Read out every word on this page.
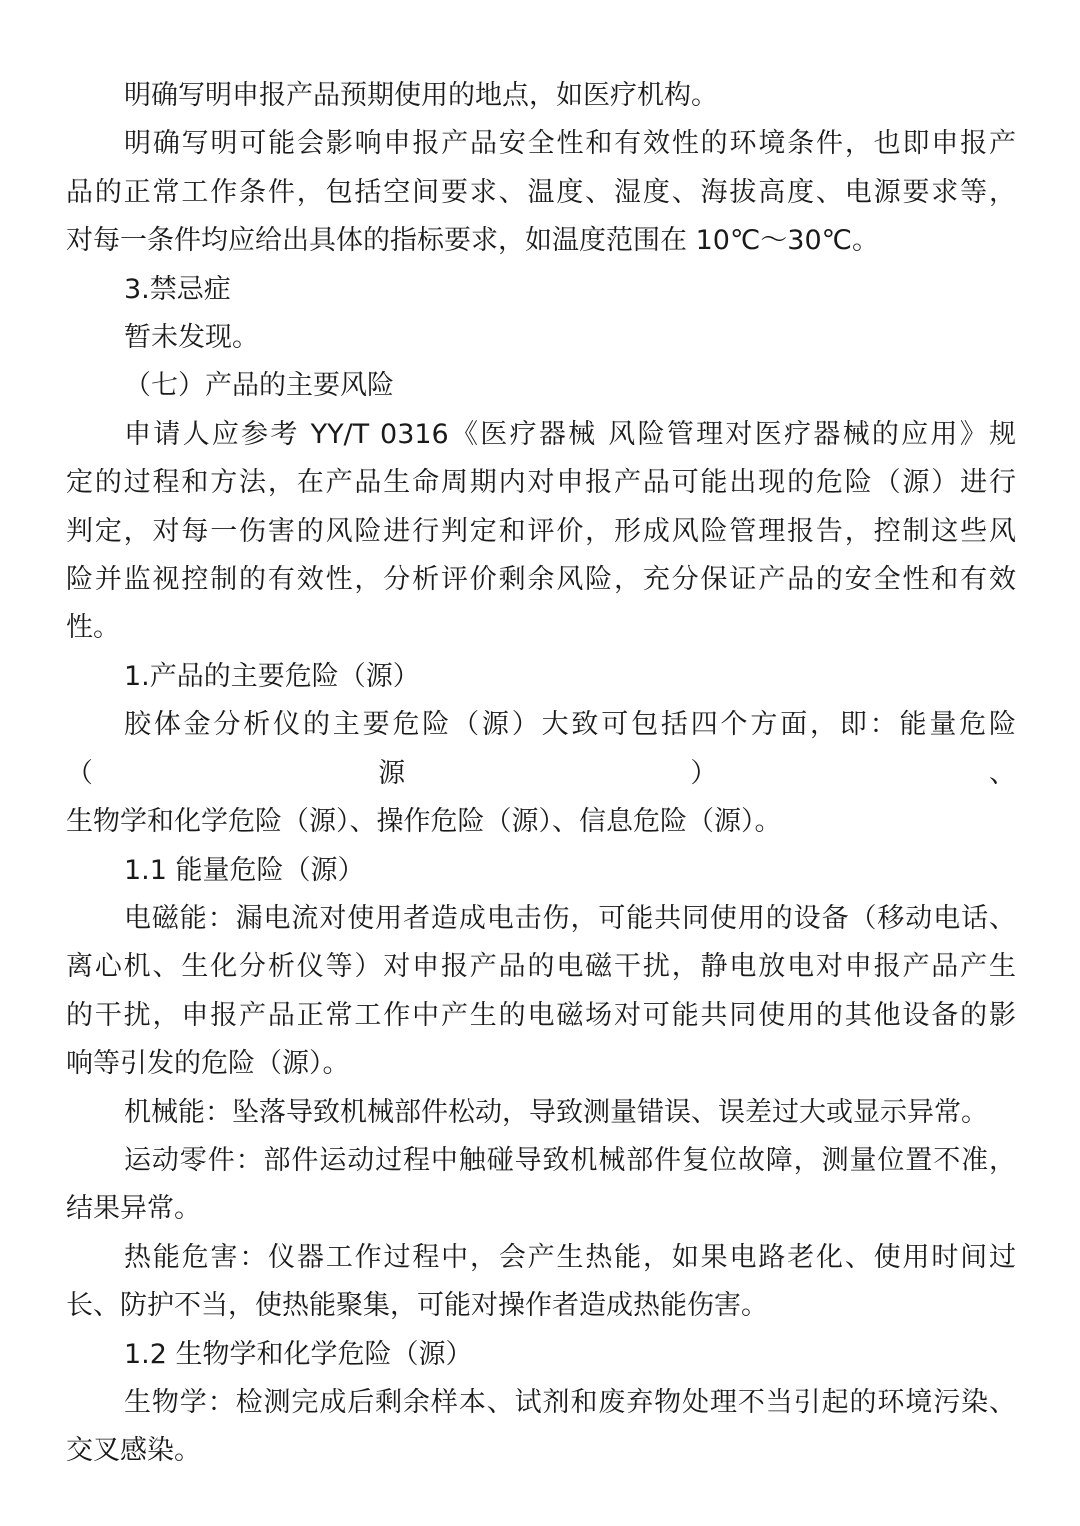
明确写明申报产品预期使用的地点，如医疗机构。
明确写明可能会影响申报产品安全性和有效性的环境条件，也即申报产
品的正常工作条件，包括空间要求、温度、湿度、海拔高度、电源要求等，
对每一条件均应给出具体的指标要求，如温度范围在 10℃～30℃。
3.禁忌症
暂未发现。
（七）产品的主要风险
申请人应参考 YY/T 0316《医疗器械 风险管理对医疗器械的应用》规
定的过程和方法，在产品生命周期内对申报产品可能出现的危险（源）进行
判定，对每一伤害的风险进行判定和评价，形成风险管理报告，控制这些风
险并监视控制的有效性，分析评价剩余风险，充分保证产品的安全性和有效
性。
1.产品的主要危险（源）
胶体金分析仪的主要危险（源）大致可包括四个方面，即：能量危险（源）、
生物学和化学危险（源）、操作危险（源）、信息危险（源）。
1.1 能量危险（源）
电磁能：漏电流对使用者造成电击伤，可能共同使用的设备（移动电话、
离心机、生化分析仪等）对申报产品的电磁干扰，静电放电对申报产品产生
的干扰，申报产品正常工作中产生的电磁场对可能共同使用的其他设备的影
响等引发的危险（源）。
机械能：坠落导致机械部件松动，导致测量错误、误差过大或显示异常。
运动零件：部件运动过程中触碰导致机械部件复位故障，测量位置不准，
结果异常。
热能危害：仪器工作过程中，会产生热能，如果电路老化、使用时间过
长、防护不当，使热能聚集，可能对操作者造成热能伤害。
1.2 生物学和化学危险（源）
生物学：检测完成后剩余样本、试剂和废弃物处理不当引起的环境污染、
交叉感染。
